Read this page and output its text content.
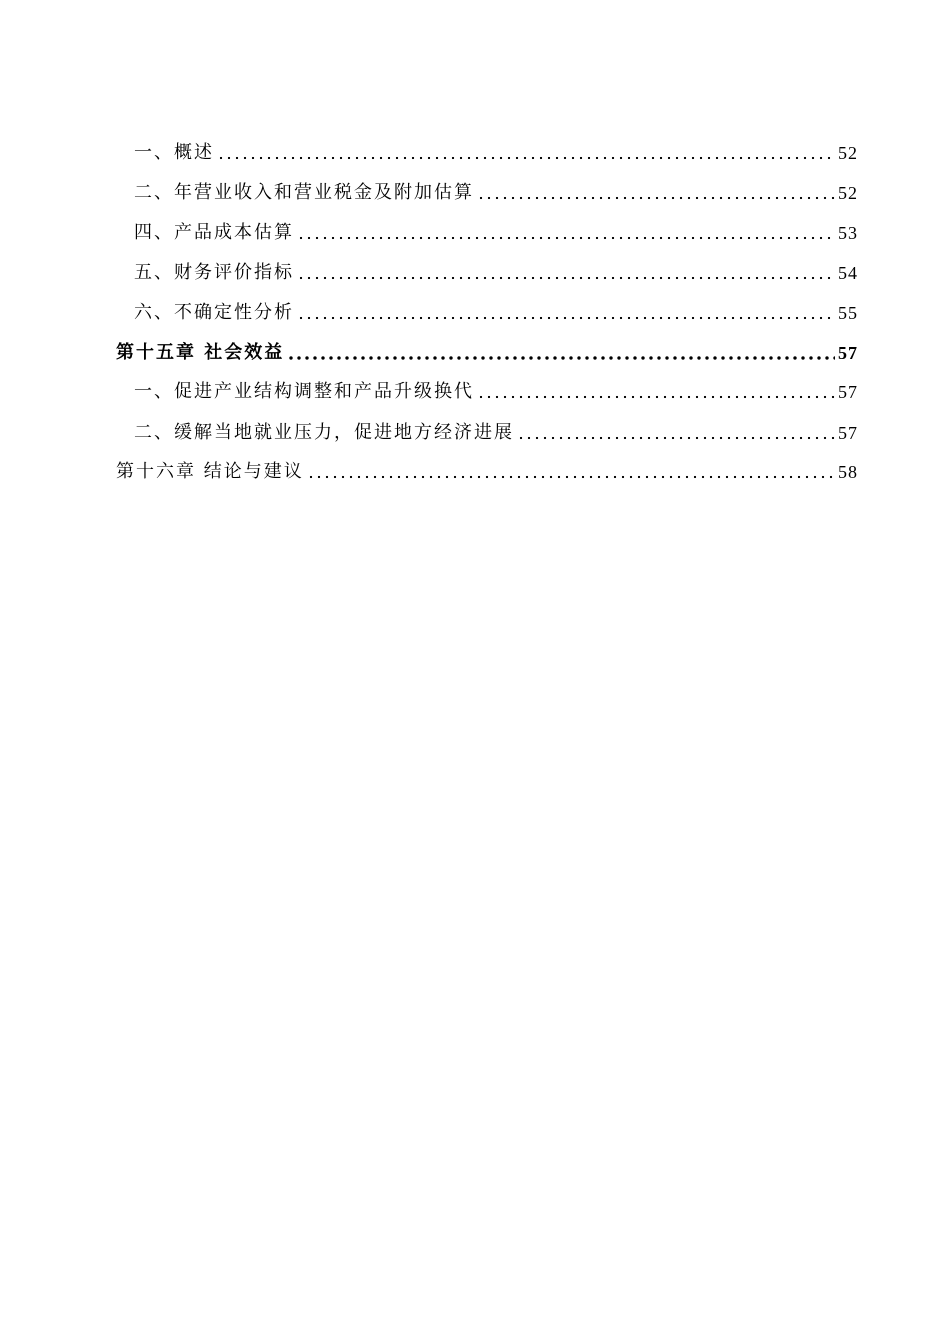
一、概述	52
二、年营业收入和营业税金及附加估算	52
四、产品成本估算	53
五、财务评价指标	54
六、不确定性分析	55
第十五章 社会效益	57
一、促进产业结构调整和产品升级换代	57
二、缓解当地就业压力，促进地方经济进展	57
第十六章 结论与建议	58
